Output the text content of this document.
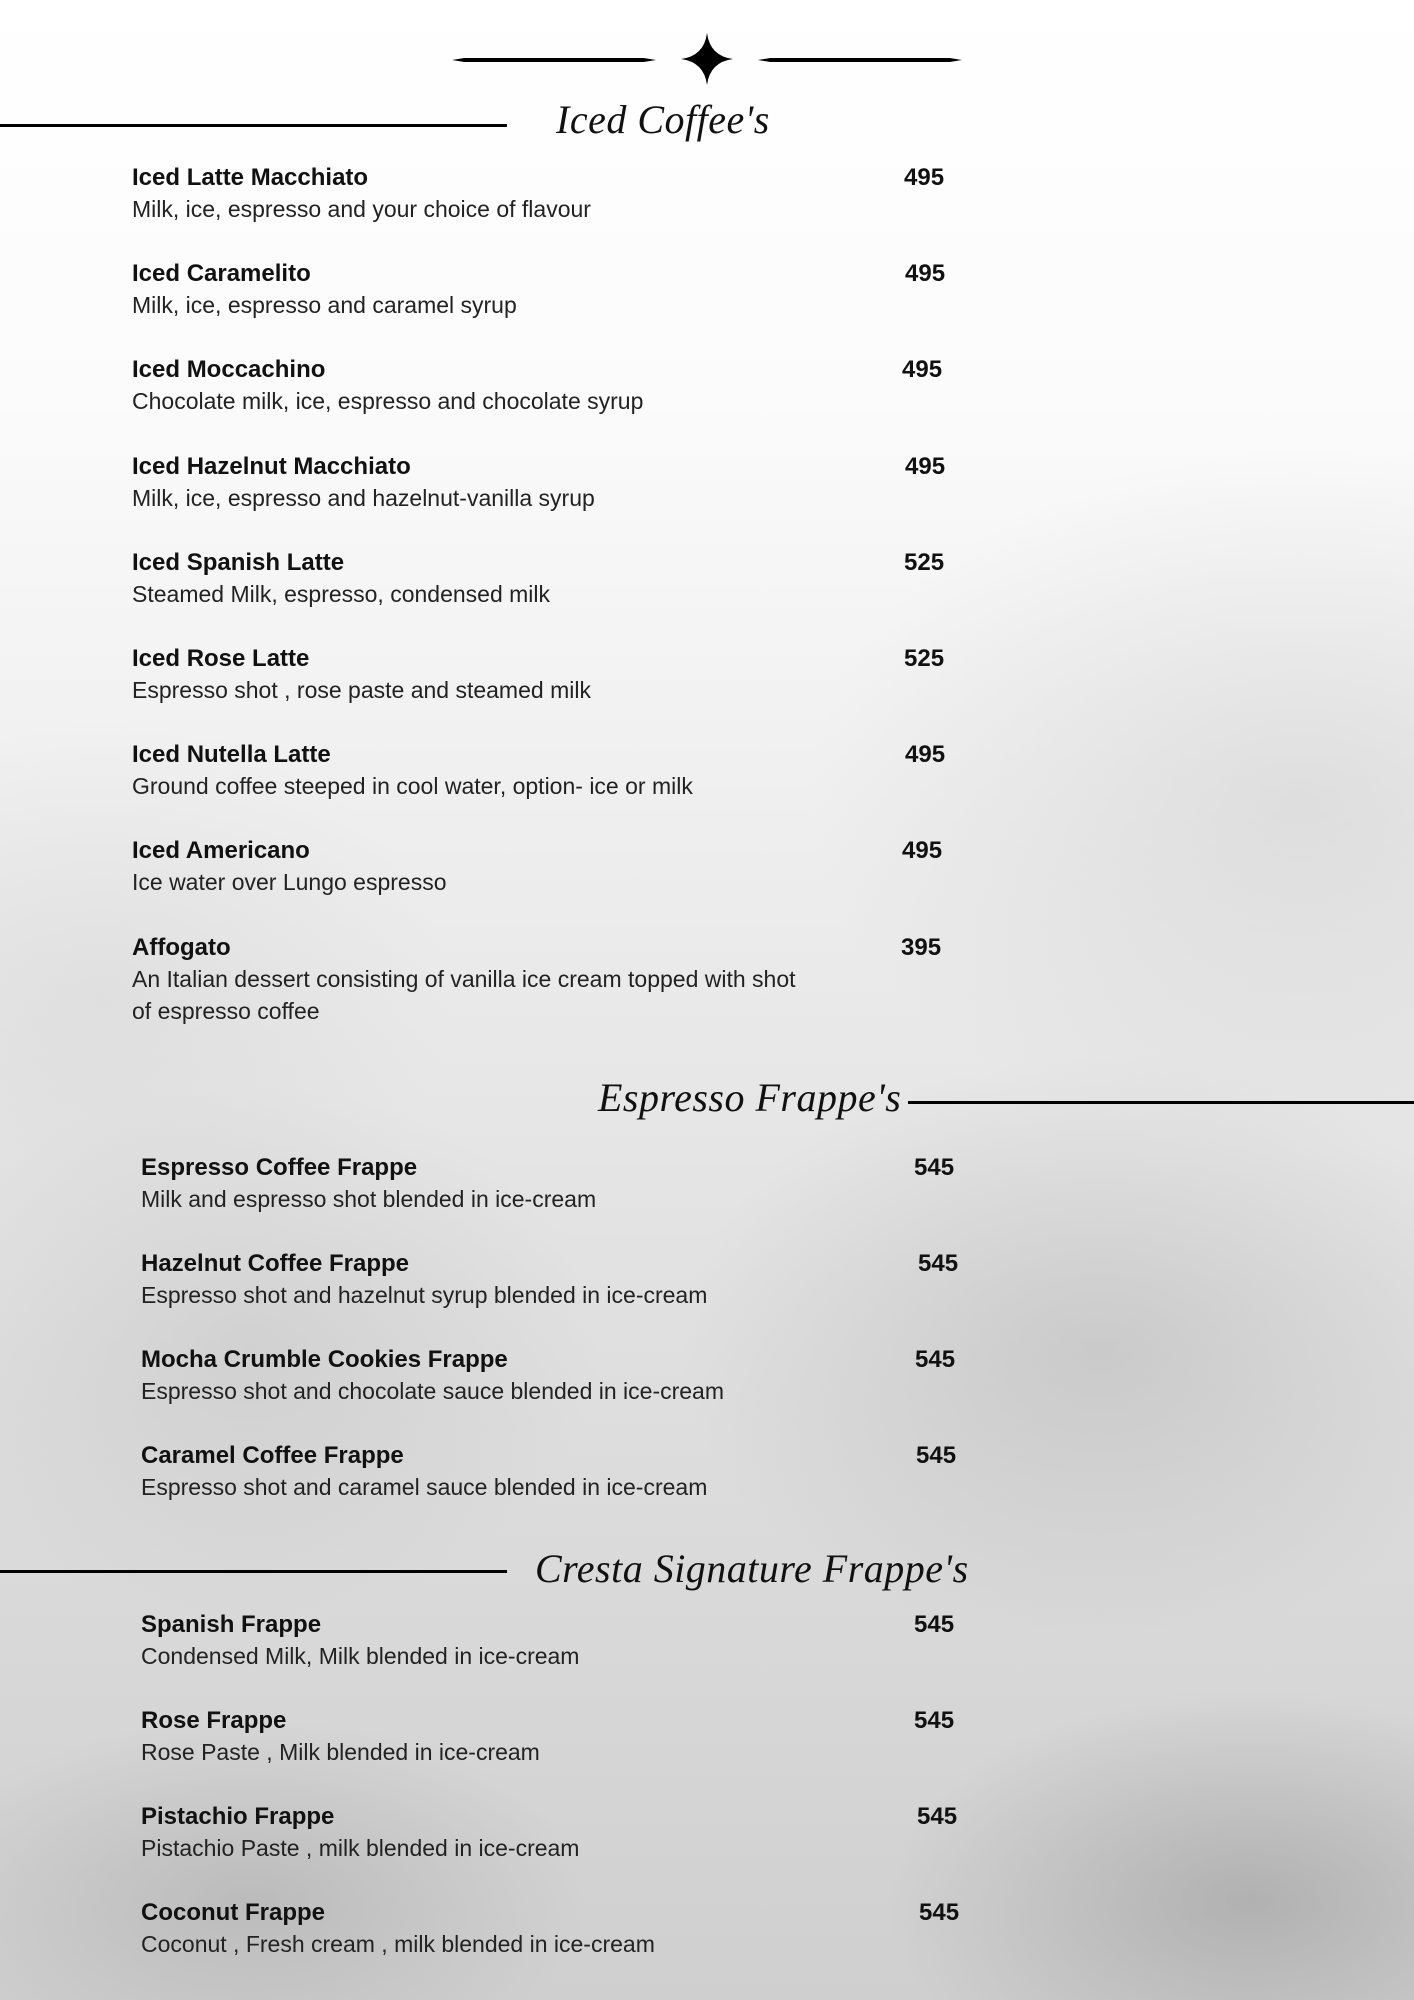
Iced Coffee's

Iced Latte Macchiato

Milk, ice, espresso and your choice of flavour

495

Iced Caramelito

Milk, ice, espresso and caramel syrup

495

Iced Moccachino

Chocolate milk, ice, espresso and chocolate syrup

495

Iced Hazelnut Macchiato

Milk, ice, espresso and hazelnut-vanilla syrup

495

Iced Spanish Latte

Steamed Milk, espresso, condensed milk

525

Iced Rose Latte

Espresso shot , rose paste and steamed milk

525

Iced Nutella Latte

Ground coffee steeped in cool water, option- ice or milk

495

Iced Americano

Ice water over Lungo espresso

495

Affogato

An Italian dessert consisting of vanilla ice cream topped with shot of espresso coffee

395
Espresso Frappe's

Espresso Coffee Frappe

Milk and espresso shot blended in ice-cream

545

Hazelnut Coffee Frappe

Espresso shot and hazelnut syrup blended in ice-cream

545

Mocha Crumble Cookies Frappe

Espresso shot and chocolate sauce blended in ice-cream

545

Caramel Coffee Frappe

Espresso shot and caramel sauce blended in ice-cream

545
Cresta Signature Frappe's

Spanish Frappe

Condensed Milk, Milk blended in ice-cream

545

Rose Frappe

Rose Paste , Milk blended in ice-cream

545

Pistachio Frappe

Pistachio Paste , milk blended in ice-cream

545

Coconut Frappe

Coconut , Fresh cream , milk blended in ice-cream

545
